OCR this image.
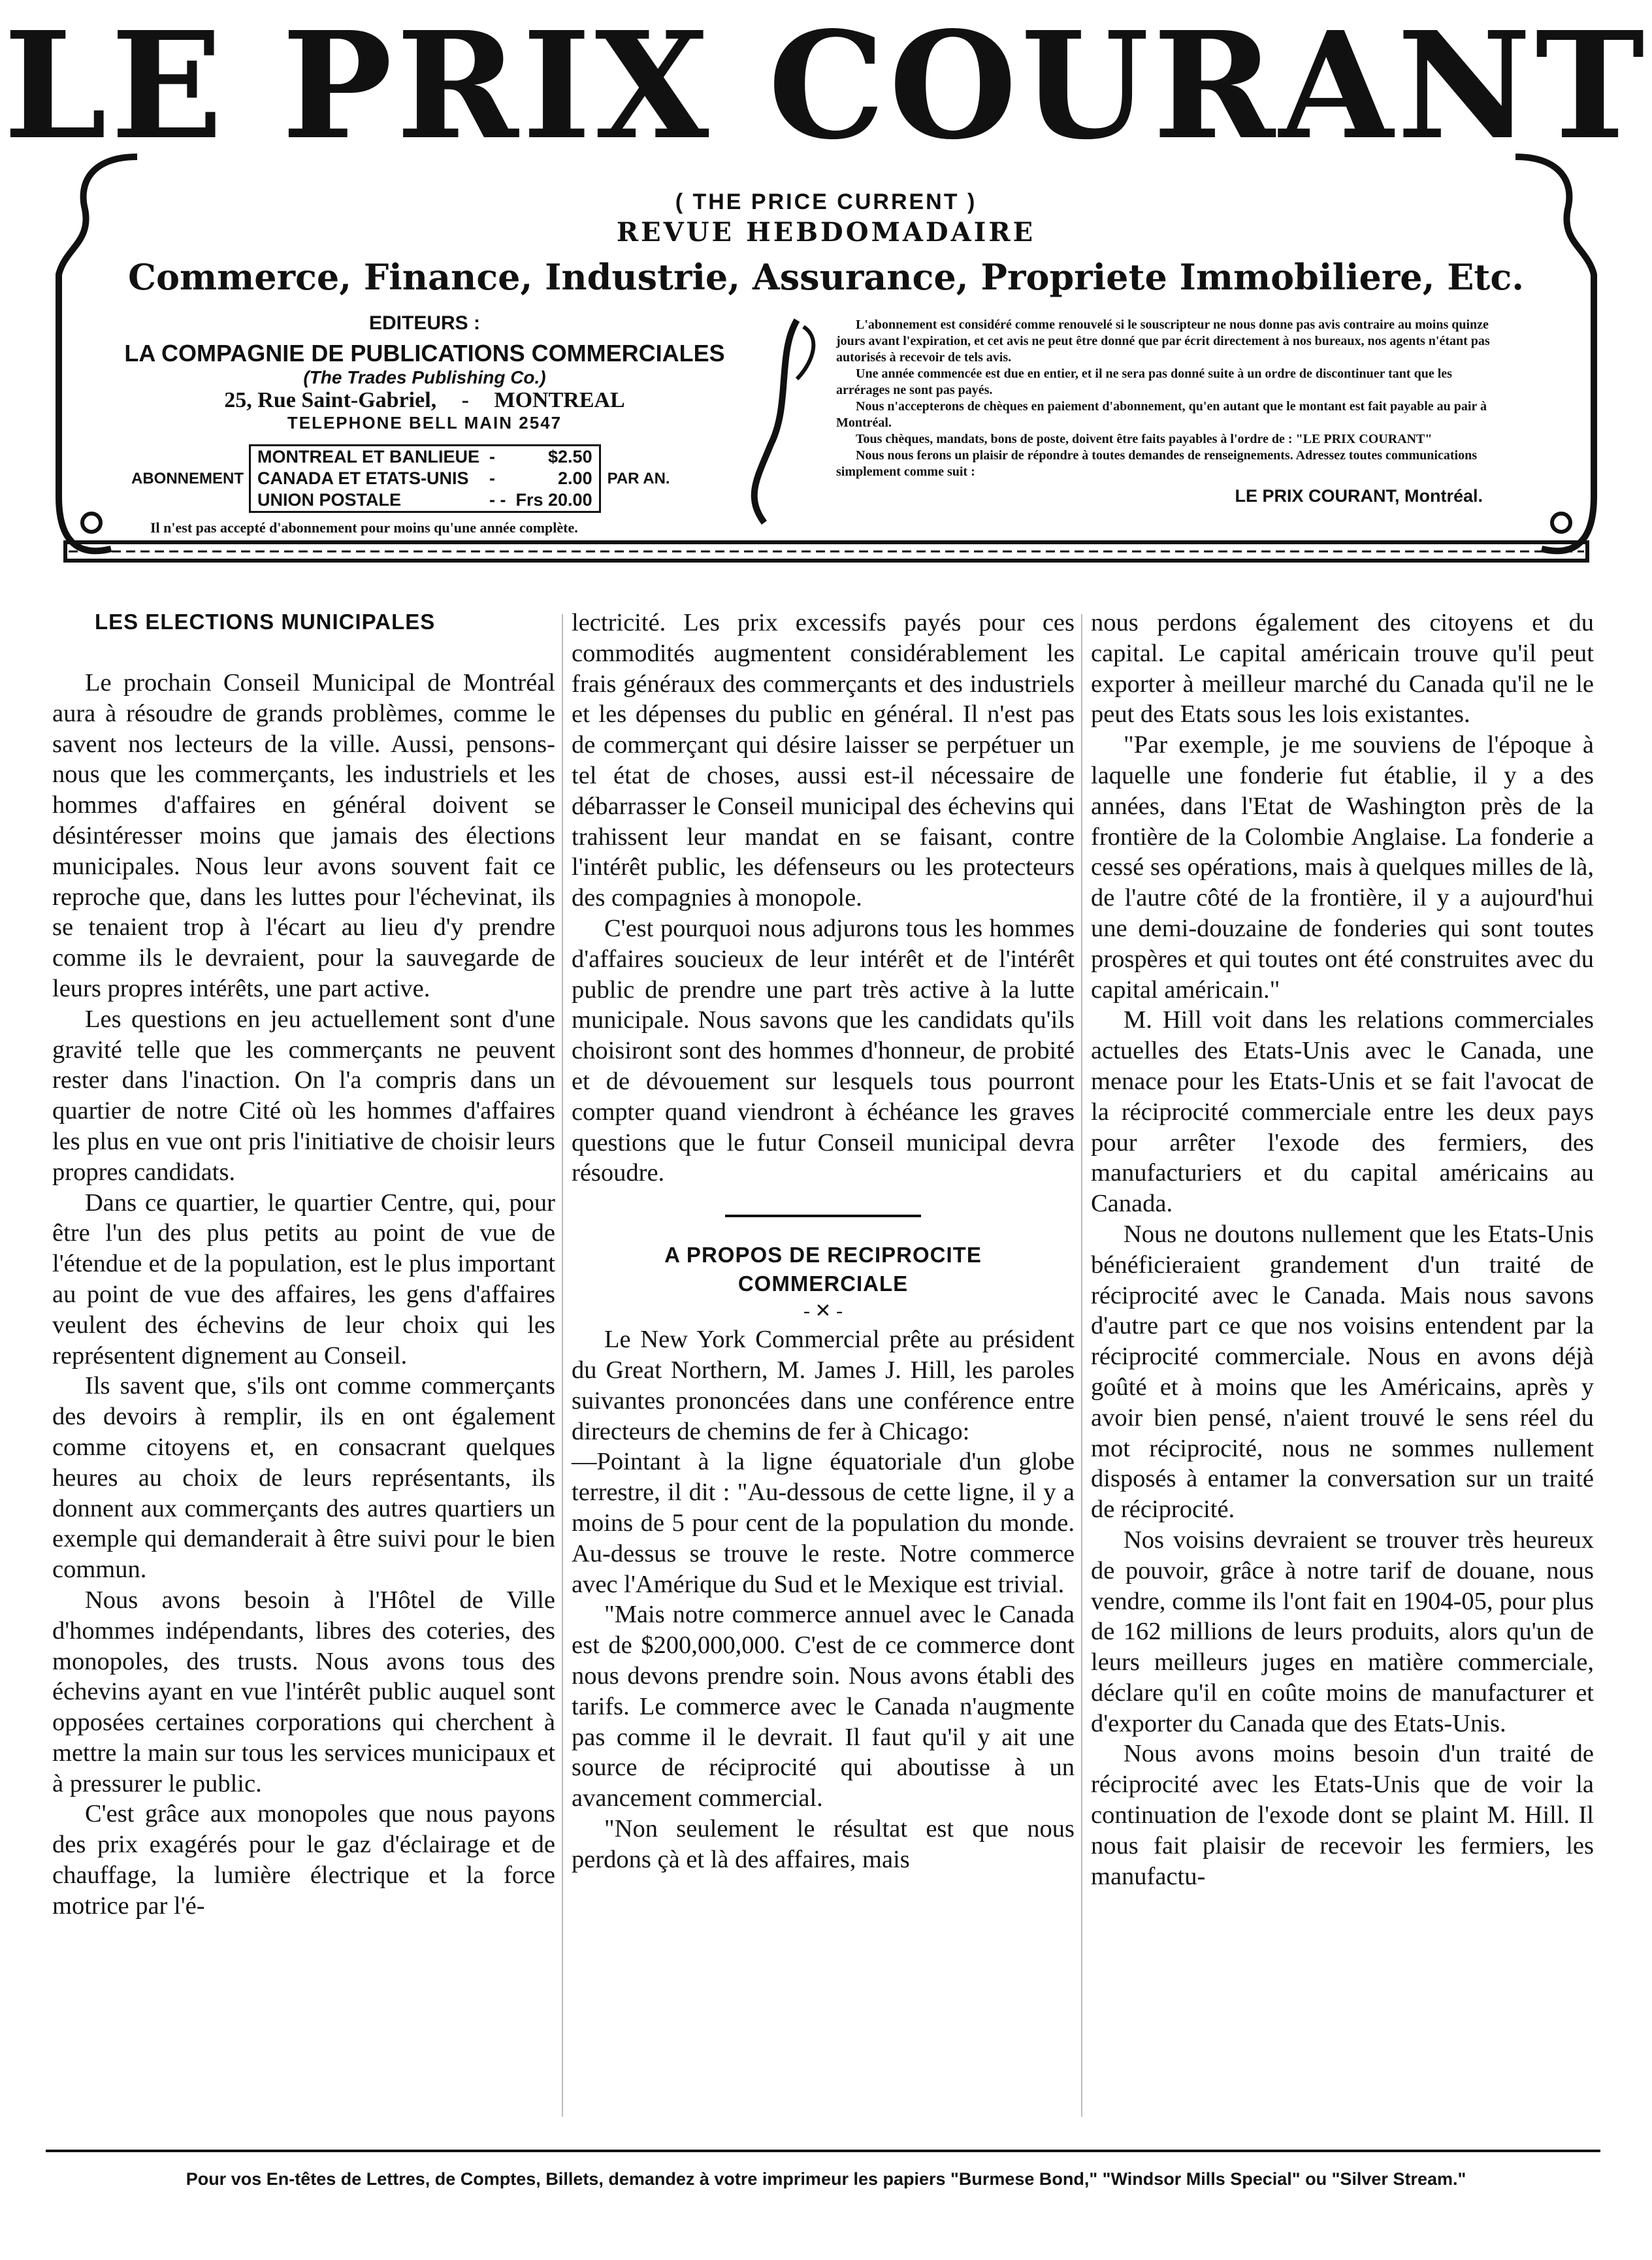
LE PRIX COURANT
( THE PRICE CURRENT )
REVUE HEBDOMADAIRE
Commerce, Finance, Industrie, Assurance, Propriete Immobiliere, Etc.
EDITEURS :
LA COMPAGNIE DE PUBLICATIONS COMMERCIALES
(The Trades Publishing Co.)
25, Rue Saint-Gabriel, - MONTREAL
TELEPHONE BELL MAIN 2547
ABONNEMENT	MONTREAL ET BANLIEUE	-	$2.50	PAR AN.
	CANADA ET ETATS-UNIS	-	2.00	
	UNION POSTALE	- -	Frs 20.00	
Il n'est pas accepté d'abonnement pour moins qu'une année complète.

L'abonnement est considéré comme renouvelé si le souscripteur ne nous donne pas avis contraire au moins quinze jours avant l'expiration, et cet avis ne peut être donné que par écrit directement à nos bureaux, nos agents n'étant pas autorisés à recevoir de tels avis.

Une année commencée est due en entier, et il ne sera pas donné suite à un ordre de discontinuer tant que les arrérages ne sont pas payés.

Nous n'accepterons de chèques en paiement d'abonnement, qu'en autant que le montant est fait payable au pair à Montréal.

Tous chèques, mandats, bons de poste, doivent être faits payables à l'ordre de : "LE PRIX COURANT"

Nous nous ferons un plaisir de répondre à toutes demandes de renseignements. Adressez toutes communications simplement comme suit :

LE PRIX COURANT, Montréal.
LES ELECTIONS MUNICIPALES

Le prochain Conseil Municipal de Montréal aura à résoudre de grands problèmes, comme le savent nos lecteurs de la ville. Aussi, pensons-nous que les commerçants, les industriels et les hommes d'affaires en général doivent se désintéresser moins que jamais des élections municipales. Nous leur avons souvent fait ce reproche que, dans les luttes pour l'échevinat, ils se tenaient trop à l'écart au lieu d'y prendre comme ils le devraient, pour la sauvegarde de leurs propres intérêts, une part active.

Les questions en jeu actuellement sont d'une gravité telle que les commerçants ne peuvent rester dans l'inaction. On l'a compris dans un quartier de notre Cité où les hommes d'affaires les plus en vue ont pris l'initiative de choisir leurs propres candidats.

Dans ce quartier, le quartier Centre, qui, pour être l'un des plus petits au point de vue de l'étendue et de la population, est le plus important au point de vue des affaires, les gens d'affaires veulent des échevins de leur choix qui les représentent dignement au Conseil.

Ils savent que, s'ils ont comme commerçants des devoirs à remplir, ils en ont également comme citoyens et, en consacrant quelques heures au choix de leurs représentants, ils donnent aux commerçants des autres quartiers un exemple qui demanderait à être suivi pour le bien commun.

Nous avons besoin à l'Hôtel de Ville d'hommes indépendants, libres des coteries, des monopoles, des trusts. Nous avons tous des échevins ayant en vue l'intérêt public auquel sont opposées certaines corporations qui cherchent à mettre la main sur tous les services municipaux et à pressurer le public.

C'est grâce aux monopoles que nous payons des prix exagérés pour le gaz d'éclairage et de chauffage, la lumière électrique et la force motrice par l'é-

lectricité. Les prix excessifs payés pour ces commodités augmentent considérablement les frais généraux des commerçants et des industriels et les dépenses du public en général. Il n'est pas de commerçant qui désire laisser se perpétuer un tel état de choses, aussi est-il nécessaire de débarrasser le Conseil municipal des échevins qui trahissent leur mandat en se faisant, contre l'intérêt public, les défenseurs ou les protecteurs des compagnies à monopole.

C'est pourquoi nous adjurons tous les hommes d'affaires soucieux de leur intérêt et de l'intérêt public de prendre une part très active à la lutte municipale. Nous savons que les candidats qu'ils choisiront sont des hommes d'honneur, de probité et de dévouement sur lesquels tous pourront compter quand viendront à échéance les graves questions que le futur Conseil municipal devra résoudre.

A PROPOS DE RECIPROCITE COMMERCIALE
- ✕ -

Le New York Commercial prête au président du Great Northern, M. James J. Hill, les paroles suivantes prononcées dans une conférence entre directeurs de chemins de fer à Chicago:

—Pointant à la ligne équatoriale d'un globe terrestre, il dit : "Au-dessous de cette ligne, il y a moins de 5 pour cent de la population du monde. Au-dessus se trouve le reste. Notre commerce avec l'Amérique du Sud et le Mexique est trivial.

"Mais notre commerce annuel avec le Canada est de $200,000,000. C'est de ce commerce dont nous devons prendre soin. Nous avons établi des tarifs. Le commerce avec le Canada n'augmente pas comme il le devrait. Il faut qu'il y ait une source de réciprocité qui aboutisse à un avancement commercial.

"Non seulement le résultat est que nous perdons çà et là des affaires, mais

nous perdons également des citoyens et du capital. Le capital américain trouve qu'il peut exporter à meilleur marché du Canada qu'il ne le peut des Etats sous les lois existantes.

"Par exemple, je me souviens de l'époque à laquelle une fonderie fut établie, il y a des années, dans l'Etat de Washington près de la frontière de la Colombie Anglaise. La fonderie a cessé ses opérations, mais à quelques milles de là, de l'autre côté de la frontière, il y a aujourd'hui une demi-douzaine de fonderies qui sont toutes prospères et qui toutes ont été construites avec du capital américain."

M. Hill voit dans les relations commerciales actuelles des Etats-Unis avec le Canada, une menace pour les Etats-Unis et se fait l'avocat de la réciprocité commerciale entre les deux pays pour arrêter l'exode des fermiers, des manufacturiers et du capital américains au Canada.

Nous ne doutons nullement que les Etats-Unis bénéficieraient grandement d'un traité de réciprocité avec le Canada. Mais nous savons d'autre part ce que nos voisins entendent par la réciprocité commerciale. Nous en avons déjà goûté et à moins que les Américains, après y avoir bien pensé, n'aient trouvé le sens réel du mot réciprocité, nous ne sommes nullement disposés à entamer la conversation sur un traité de réciprocité.

Nos voisins devraient se trouver très heureux de pouvoir, grâce à notre tarif de douane, nous vendre, comme ils l'ont fait en 1904-05, pour plus de 162 millions de leurs produits, alors qu'un de leurs meilleurs juges en matière commerciale, déclare qu'il en coûte moins de manufacturer et d'exporter du Canada que des Etats-Unis.

Nous avons moins besoin d'un traité de réciprocité avec les Etats-Unis que de voir la continuation de l'exode dont se plaint M. Hill. Il nous fait plaisir de recevoir les fermiers, les manufactu-

Pour vos En-têtes de Lettres, de Comptes, Billets, demandez à votre imprimeur les papiers "Burmese Bond," "Windsor Mills Special" ou "Silver Stream."
